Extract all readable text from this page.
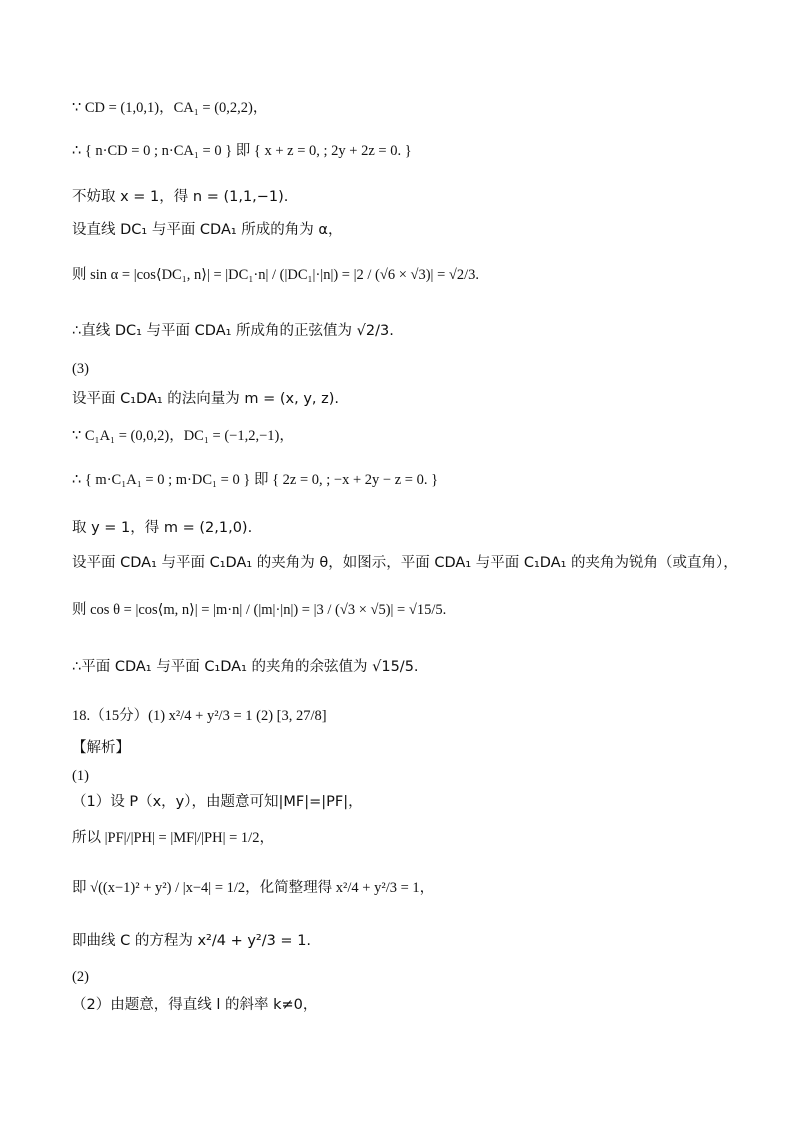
∵ CD = (1,0,1)，CA₁ = (0,2,2)，
∴ { n·CD = 0 ; n·CA₁ = 0 } 即 { x + z = 0, ; 2y + 2z = 0. }
不妨取 x = 1，得 n = (1,1,−1).
设直线 DC₁ 与平面 CDA₁ 所成的角为 α，
则 sin α = |cos⟨DC₁, n⟩| = |DC₁·n| / (|DC₁|·|n|) = |2 / (√6 × √3)| = √2/3.
∴直线 DC₁ 与平面 CDA₁ 所成角的正弦值为 √2/3.
(3)
设平面 C₁DA₁ 的法向量为 m = (x, y, z).
∵ C₁A₁ = (0,0,2)，DC₁ = (−1,2,−1)，
∴ { m·C₁A₁ = 0 ; m·DC₁ = 0 } 即 { 2z = 0, ; −x + 2y − z = 0. }
取 y = 1，得 m = (2,1,0).
设平面 CDA₁ 与平面 C₁DA₁ 的夹角为 θ，如图示，平面 CDA₁ 与平面 C₁DA₁ 的夹角为锐角（或直角），
则 cos θ = |cos⟨m, n⟩| = |m·n| / (|m|·|n|) = |3 / (√3 × √5)| = √15/5.
∴平面 CDA₁ 与平面 C₁DA₁ 的夹角的余弦值为 √15/5.
18.（15分）(1) x²/4 + y²/3 = 1 (2) [3, 27/8]
【解析】
(1)
（1）设 P（x，y），由题意可知|MF|=|PF|，
所以 |PF|/|PH| = |MF|/|PH| = 1/2，
即 √((x−1)² + y²) / |x−4| = 1/2，化简整理得 x²/4 + y²/3 = 1，
即曲线 C 的方程为 x²/4 + y²/3 = 1.
(2)
（2）由题意，得直线 l 的斜率 k≠0，
